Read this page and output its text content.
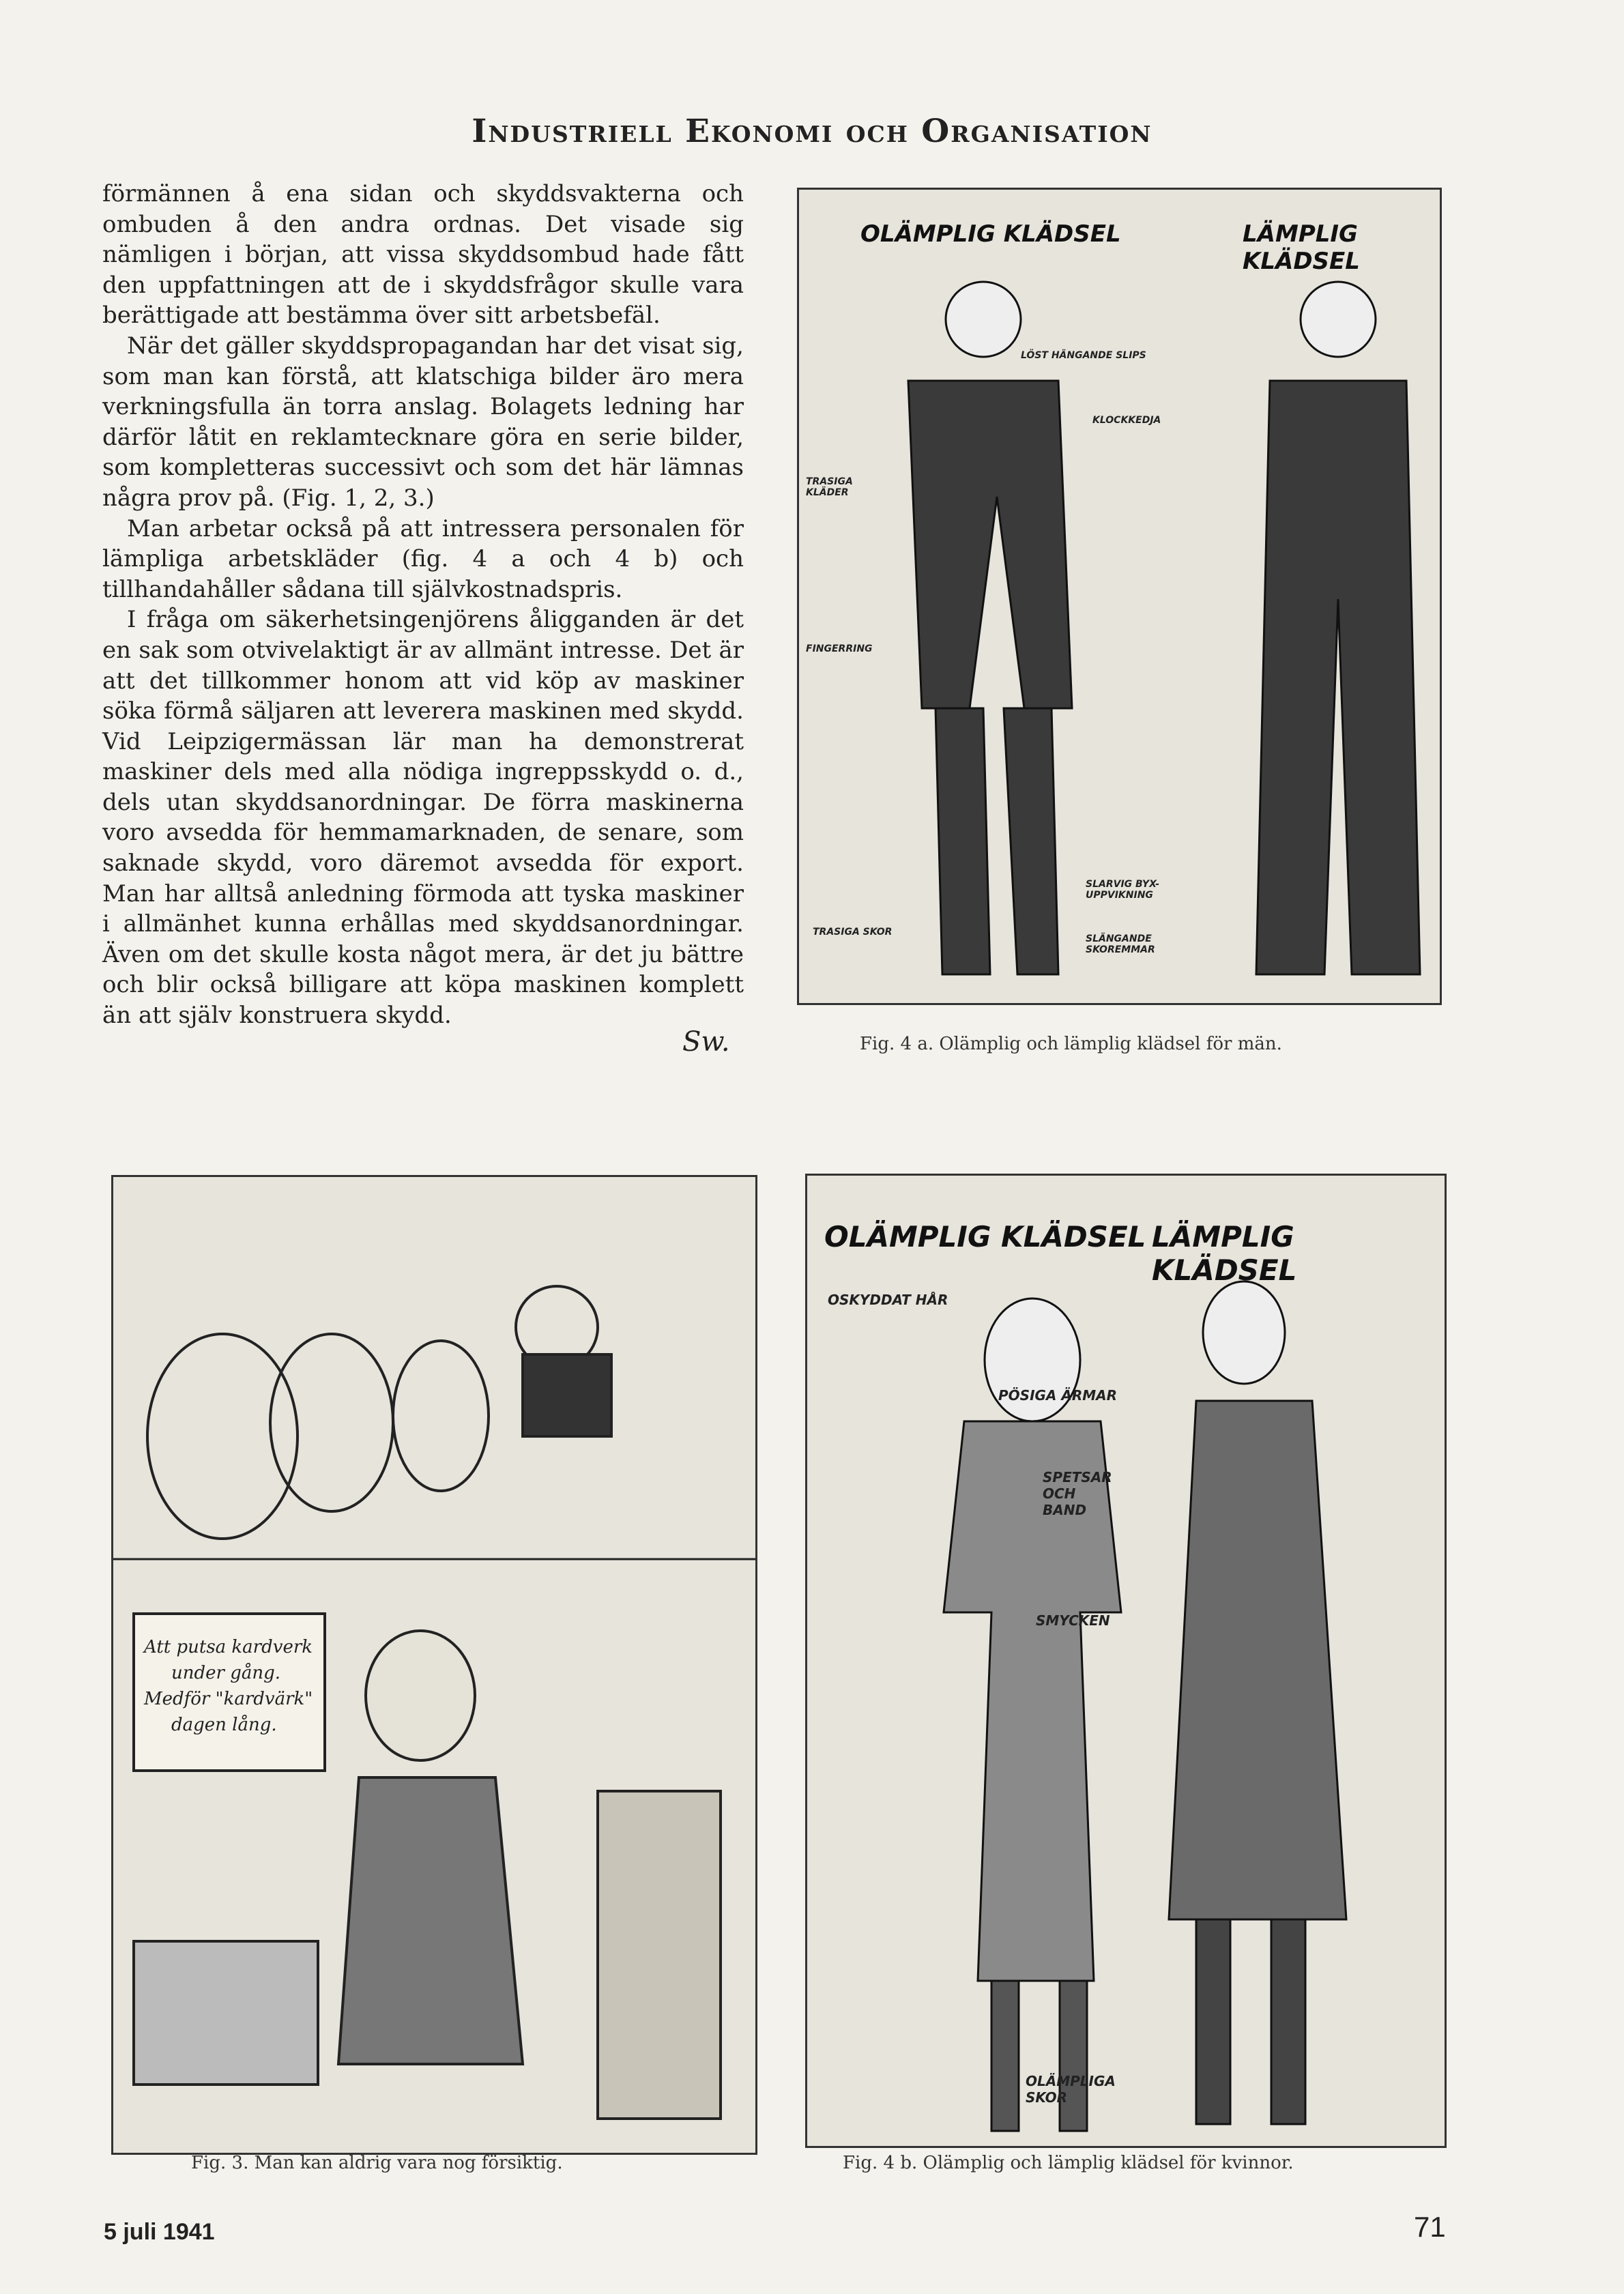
Industriell Ekonomi och Organisation

förmännen å ena sidan och skyddsvakterna och ombuden å den andra ordnas. Det visade sig nämligen i början, att vissa skyddsombud hade fått den uppfattningen att de i skyddsfrågor skulle vara berättigade att bestämma över sitt arbetsbefäl.

När det gäller skyddspropagandan har det visat sig, som man kan förstå, att klatschiga bilder äro mera verkningsfulla än torra anslag. Bolagets ledning har därför låtit en reklamtecknare göra en serie bilder, som kompletteras successivt och som det här lämnas några prov på. (Fig. 1, 2, 3.)

Man arbetar också på att intressera personalen för lämpliga arbetskläder (fig. 4 a och 4 b) och tillhandahåller sådana till självkostnadspris.

I fråga om säkerhetsingenjörens åligganden är det en sak som otvivelaktigt är av allmänt intresse. Det är att det tillkommer honom att vid köp av maskiner söka förmå säljaren att leverera maskinen med skydd. Vid Leipzigermässan lär man ha demonstrerat maskiner dels med alla nödiga ingreppsskydd o. d., dels utan skyddsanordningar. De förra maskinerna voro avsedda för hemmamarknaden, de senare, som saknade skydd, voro däremot avsedda för export. Man har alltså anledning förmoda att tyska maskiner i allmänhet kunna erhållas med skyddsanordningar. Även om det skulle kosta något mera, är det ju bättre och blir också billigare att köpa maskinen komplett än att själv konstruera skydd.

Sw.
OLÄMPLIG KLÄDSEL	LÄMPLIG KLÄDSEL
LÖST HÄNGANDE SLIPS
KLOCKKEDJA
TRASIGA KLÄDER
FINGERRING
SLARVIG BYX-UPPVIKNING
TRASIGA SKOR
SLÄNGANDE SKOREMMAR
Fig. 4 a. Olämplig och lämplig klädsel för män.
Att putsa kardverk
under gång.
Medför "kardvärk"
dagen lång.
Fig. 3. Man kan aldrig vara nog försiktig.
OLÄMPLIG KLÄDSEL LÄMPLIG KLÄDSEL
OSKYDDAT HÅR
PÖSIGA ÄRMAR
SPETSAR OCH BAND
SMYCKEN
OLÄMPLIGA SKOR
Fig. 4 b. Olämplig och lämplig klädsel för kvinnor.
5 juli 1941	71
